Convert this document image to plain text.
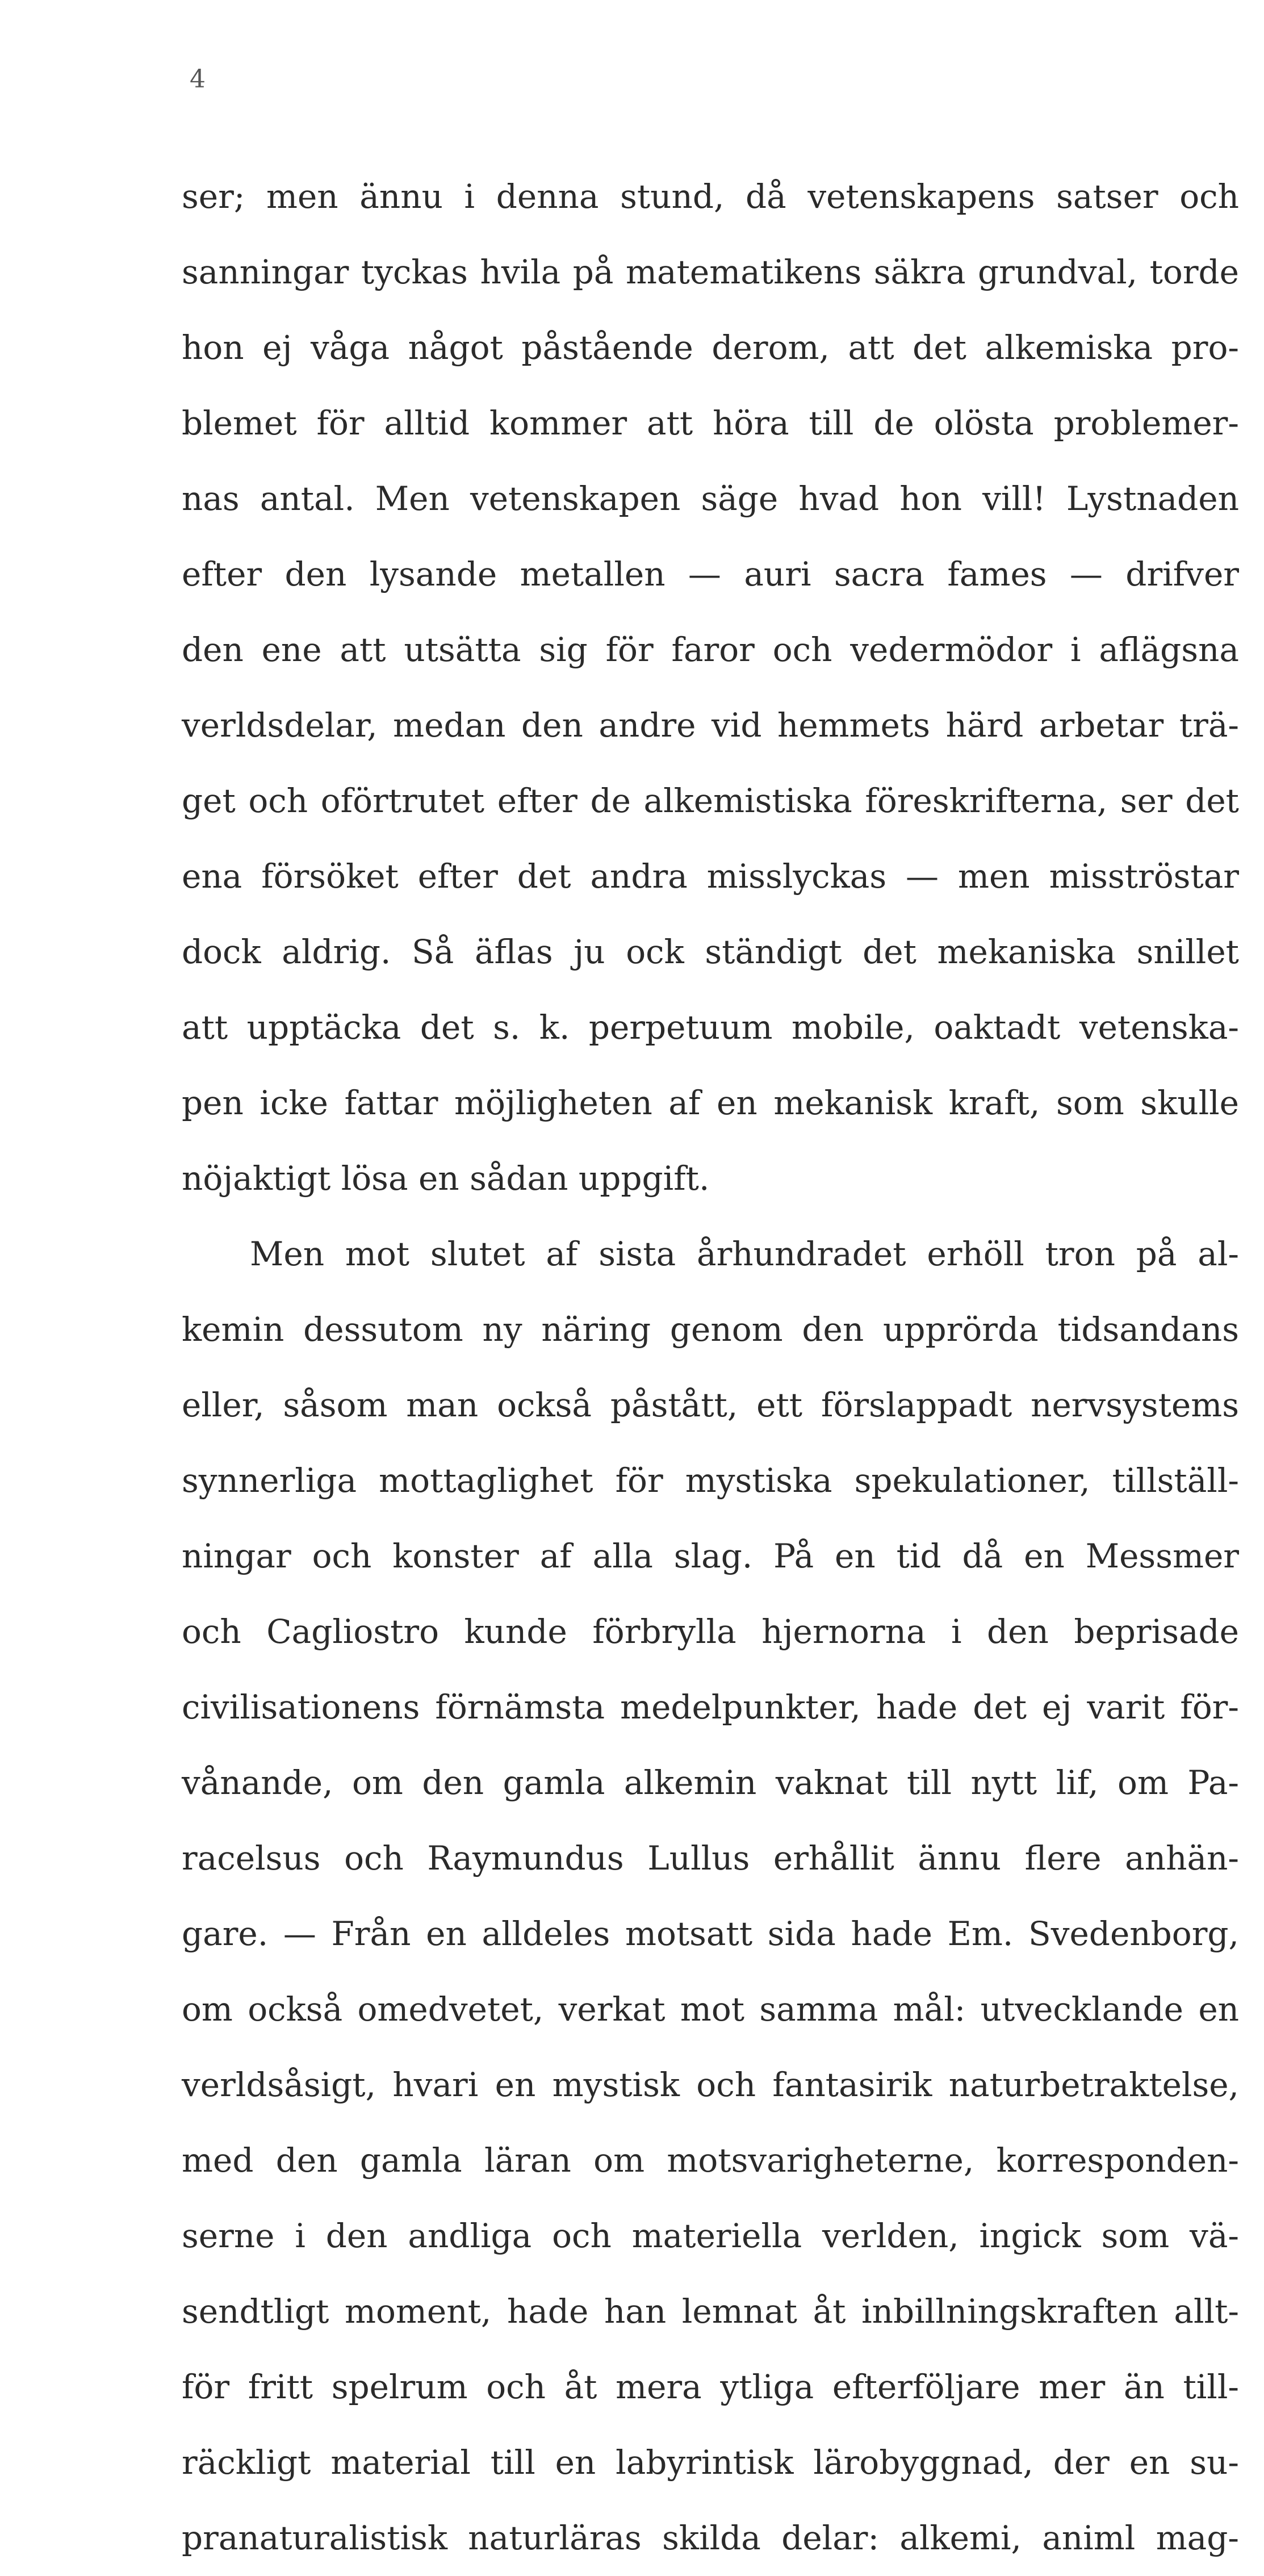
4
ser; men ännu i denna stund, då vetenskapens satser och
sanningar tyckas hvila på matematikens säkra grundval, torde
hon ej våga något påstående derom, att det alkemiska pro-
blemet för alltid kommer att höra till de olösta problemer-
nas antal. Men vetenskapen säge hvad hon vill! Lystnaden
efter den lysande metallen — auri sacra fames — drifver
den ene att utsätta sig för faror och vedermödor i aflägsna
verldsdelar, medan den andre vid hemmets härd arbetar trä-
get och oförtrutet efter de alkemistiska föreskrifterna, ser det
ena försöket efter det andra misslyckas — men misströstar
dock aldrig. Så äflas ju ock ständigt det mekaniska snillet
att upptäcka det s. k. perpetuum mobile, oaktadt vetenska-
pen icke fattar möjligheten af en mekanisk kraft, som skulle
nöjaktigt lösa en sådan uppgift.
Men mot slutet af sista århundradet erhöll tron på al-
kemin dessutom ny näring genom den upprörda tidsandans
eller, såsom man också påstått, ett förslappadt nervsystems
synnerliga mottaglighet för mystiska spekulationer, tillställ-
ningar och konster af alla slag. På en tid då en Messmer
och Cagliostro kunde förbrylla hjernorna i den beprisade
civilisationens förnämsta medelpunkter, hade det ej varit för-
vånande, om den gamla alkemin vaknat till nytt lif, om Pa-
racelsus och Raymundus Lullus erhållit ännu flere anhän-
gare. — Från en alldeles motsatt sida hade Em. Svedenborg,
om också omedvetet, verkat mot samma mål: utvecklande en
verldsåsigt, hvari en mystisk och fantasirik naturbetraktelse,
med den gamla läran om motsvarigheterne, korresponden-
serne i den andliga och materiella verlden, ingick som vä-
sendtligt moment, hade han lemnat åt inbillningskraften allt-
för fritt spelrum och åt mera ytliga efterföljare mer än till-
räckligt material till en labyrintisk lärobyggnad, der en su-
pranaturalistisk naturläras skilda delar: alkemi, animl mag-
